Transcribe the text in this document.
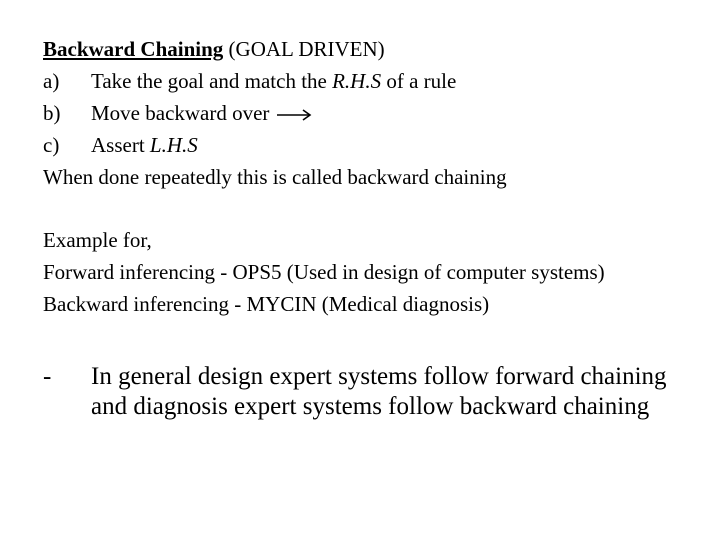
Backward Chaining (GOAL DRIVEN)
a) Take the goal and match the R.H.S of a rule
b) Move backward over
c) Assert L.H.S
When done repeatedly this is called backward chaining
Example for,
Forward inferencing - OPS5 (Used in design of computer systems)
Backward inferencing - MYCIN (Medical diagnosis)
- In general design expert systems follow forward chaining and diagnosis expert systems follow backward chaining
